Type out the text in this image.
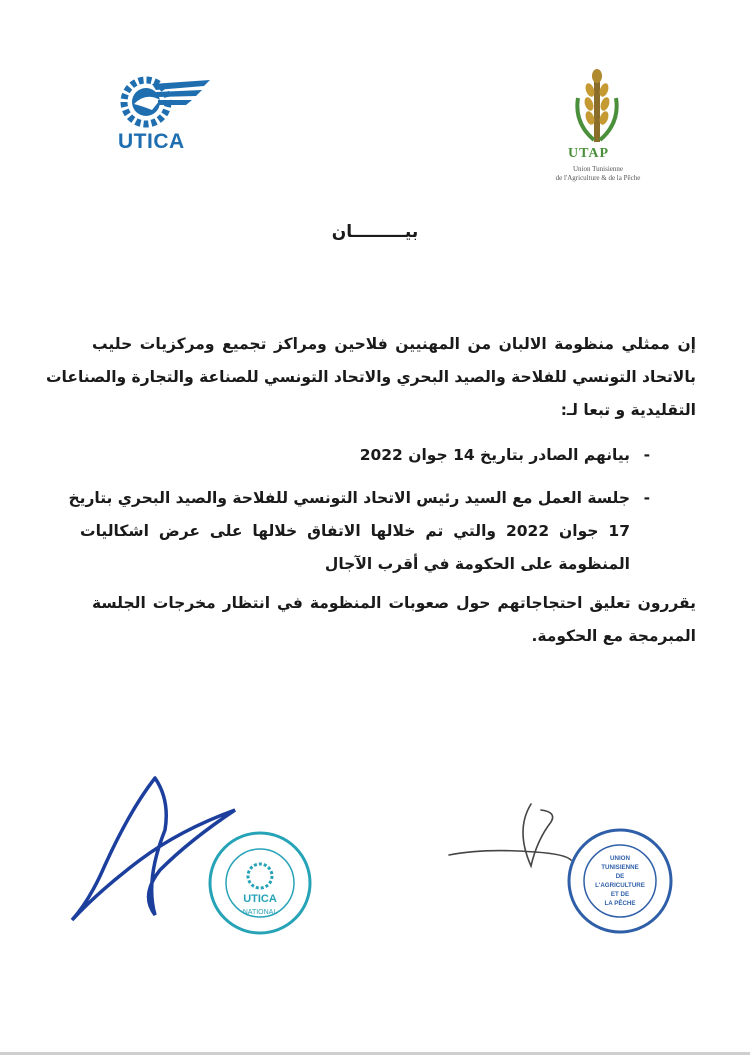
UTICA
UTAP
Union Tunisienne
de l'Agriculture & de la Pêche
بيـــــــــان
إن ممثلي منظومة الالبان من المهنيين فلاحين ومراكز تجميع ومركزيات حليب
بالاتحاد التونسي للفلاحة والصيد البحري والاتحاد التونسي للصناعة والتجارة والصناعات
التقليدية و تبعا لـ:
-
بيانهم الصادر بتاريخ 14 جوان 2022
-
جلسة العمل مع السيد رئيس الاتحاد التونسي للفلاحة والصيد البحري بتاريخ
17 جوان 2022 والتي تم خلالها الاتفاق خلالها على عرض اشكاليات
المنظومة على الحكومة في أقرب الآجال
يقررون تعليق احتجاجاتهم حول صعوبات المنظومة في انتظار مخرجات الجلسة
المبرمجة مع الحكومة.
UTICA
NATIONAL
UNION
TUNISIENNE
DE
L'AGRICULTURE
ET DE
LA PÊCHE
